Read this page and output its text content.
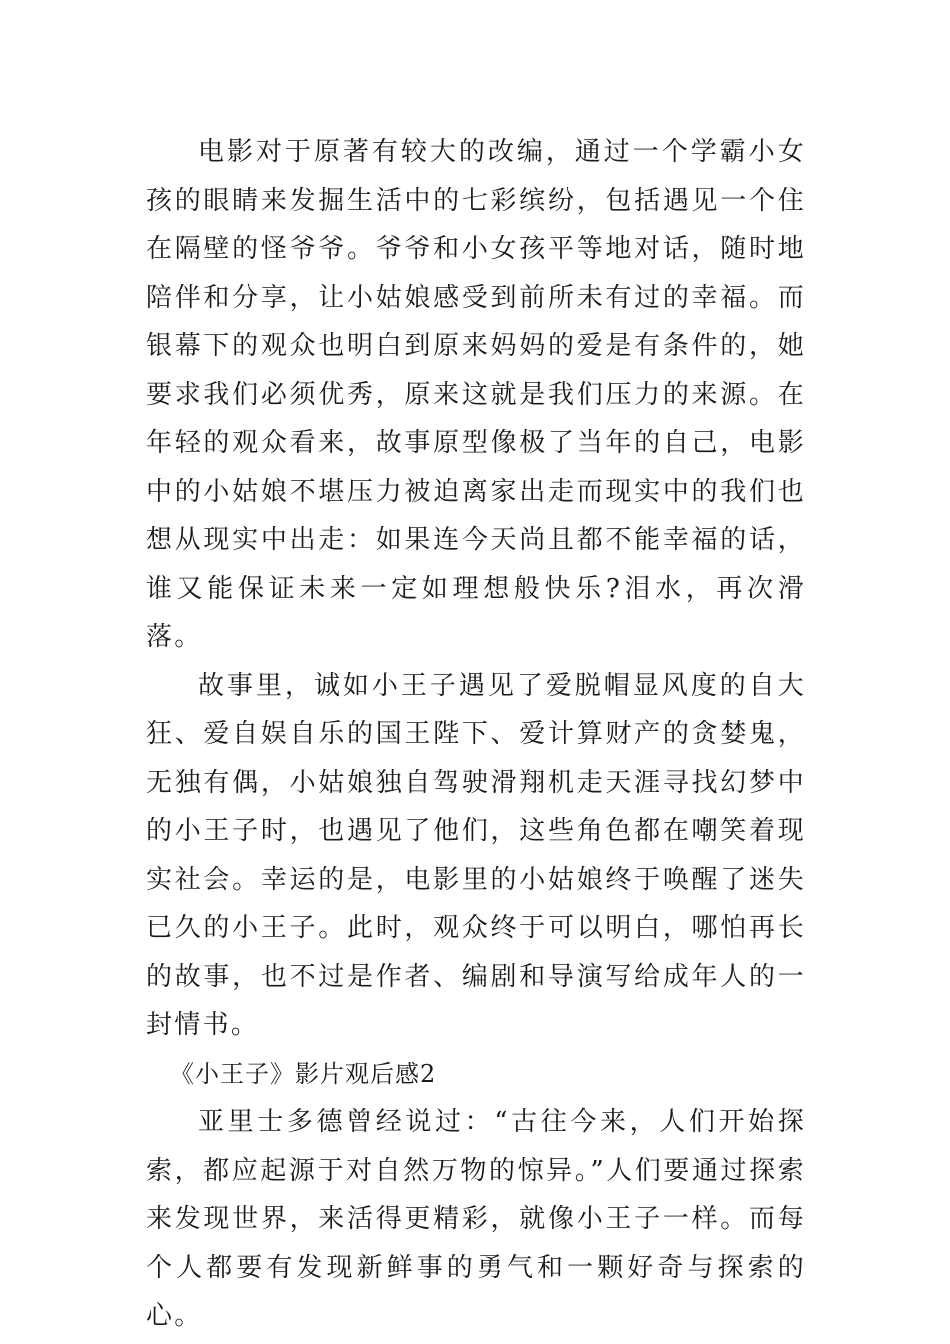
电影对于原著有较大的改编，通过一个学霸小女孩的眼睛来发掘生活中的七彩缤纷，包括遇见一个住在隔壁的怪爷爷。爷爷和小女孩平等地对话，随时地陪伴和分享，让小姑娘感受到前所未有过的幸福。而银幕下的观众也明白到原来妈妈的爱是有条件的，她要求我们必须优秀，原来这就是我们压力的来源。在年轻的观众看来，故事原型像极了当年的自己，电影中的小姑娘不堪压力被迫离家出走而现实中的我们也想从现实中出走：如果连今天尚且都不能幸福的话，谁又能保证未来一定如理想般快乐?泪水，再次滑落。

故事里，诚如小王子遇见了爱脱帽显风度的自大狂、爱自娱自乐的国王陛下、爱计算财产的贪婪鬼，无独有偶，小姑娘独自驾驶滑翔机走天涯寻找幻梦中的小王子时，也遇见了他们，这些角色都在嘲笑着现实社会。幸运的是，电影里的小姑娘终于唤醒了迷失已久的小王子。此时，观众终于可以明白，哪怕再长的故事，也不过是作者、编剧和导演写给成年人的一封情书。

《小王子》影片观后感2

亚里士多德曾经说过：“古往今来，人们开始探索，都应起源于对自然万物的惊异。”人们要通过探索来发现世界，来活得更精彩，就像小王子一样。而每个人都要有发现新鲜事的勇气和一颗好奇与探索的心。
